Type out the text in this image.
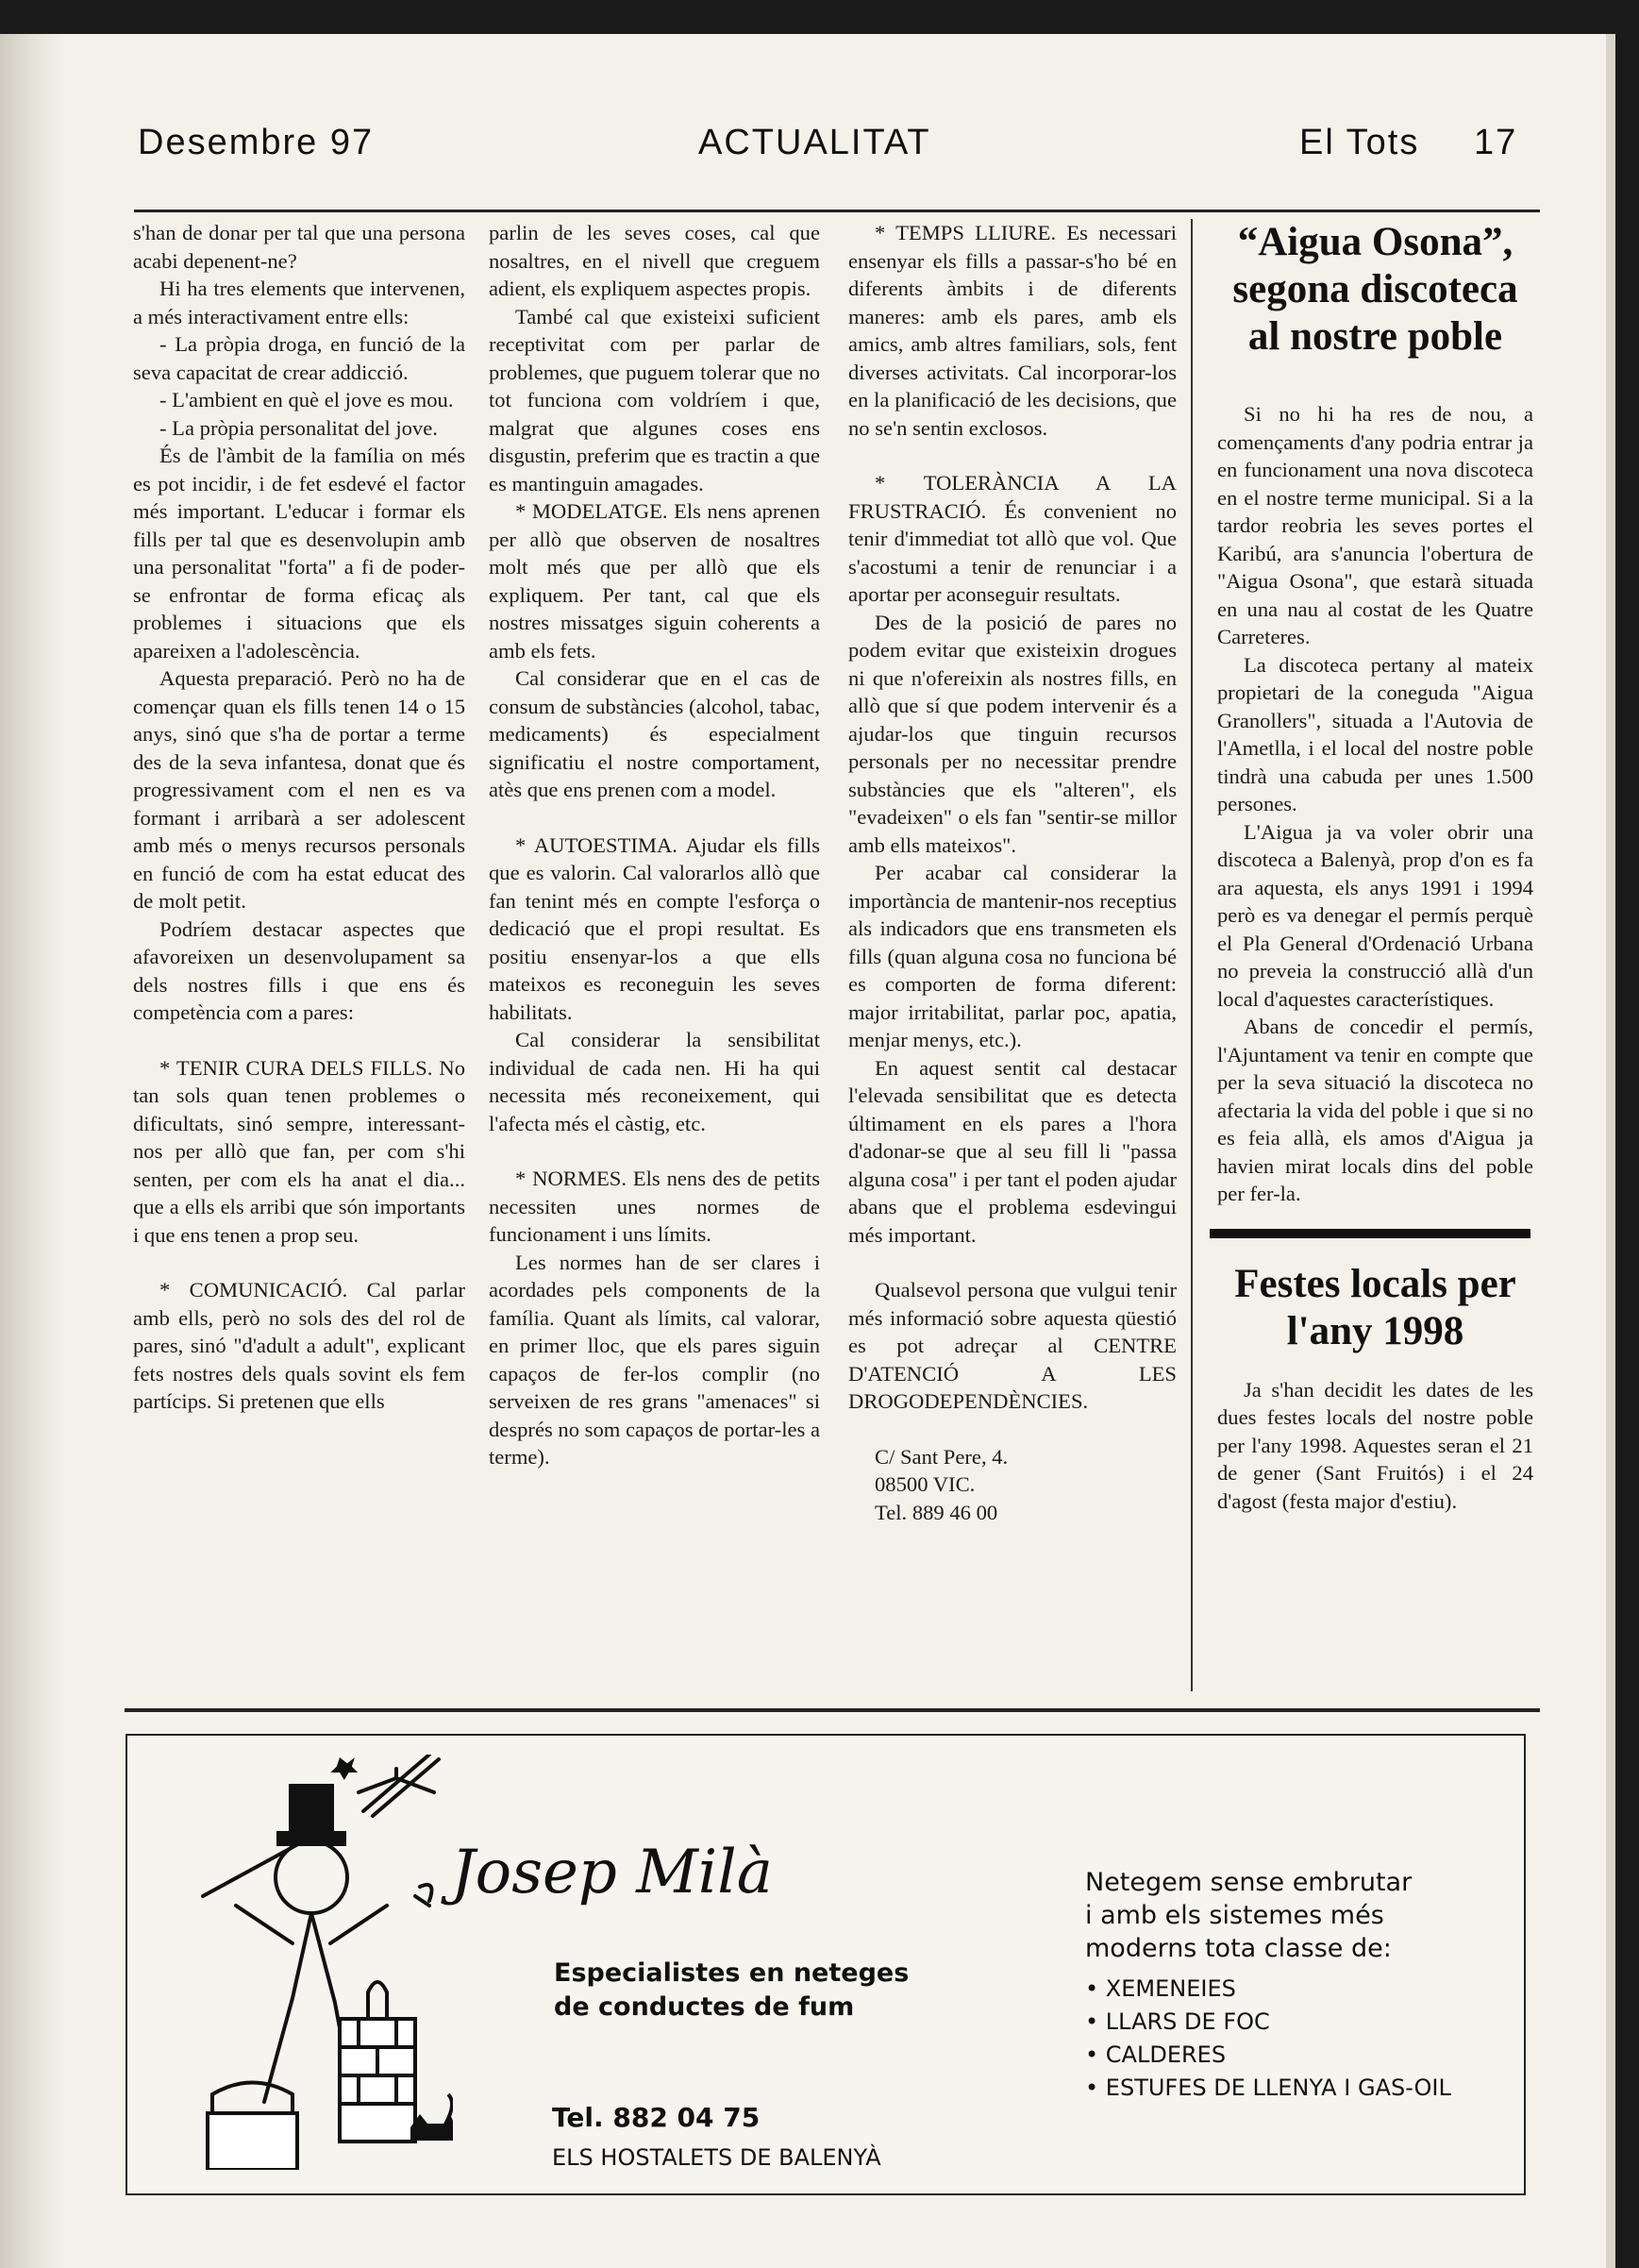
Desembre 97	ACTUALITAT	El Tots 17

s'han de donar per tal que una persona acabi depenent-ne?

Hi ha tres elements que intervenen, a més interactivament entre ells:

- La pròpia droga, en funció de la seva capacitat de crear addicció.

- L'ambient en què el jove es mou.

- La pròpia personalitat del jove.

És de l'àmbit de la família on més es pot incidir, i de fet esdevé el factor més important. L'educar i formar els fills per tal que es desenvolupin amb una personalitat "forta" a fi de poder-se enfrontar de forma eficaç als problemes i situacions que els apareixen a l'adolescència.

Aquesta preparació. Però no ha de començar quan els fills tenen 14 o 15 anys, sinó que s'ha de portar a terme des de la seva infantesa, donat que és progressivament com el nen es va formant i arribarà a ser adolescent amb més o menys recursos personals en funció de com ha estat educat des de molt petit.

Podríem destacar aspectes que afavoreixen un desenvolupament sa dels nostres fills i que ens és competència com a pares:

* TENIR CURA DELS FILLS. No tan sols quan tenen problemes o dificultats, sinó sempre, interessant-nos per allò que fan, per com s'hi senten, per com els ha anat el dia... que a ells els arribi que són importants i que ens tenen a prop seu.

* COMUNICACIÓ. Cal parlar amb ells, però no sols des del rol de pares, sinó "d'adult a adult", explicant fets nostres dels quals sovint els fem partícips. Si pretenen que ells

parlin de les seves coses, cal que nosaltres, en el nivell que creguem adient, els expliquem aspectes propis.

També cal que existeixi suficient receptivitat com per parlar de problemes, que puguem tolerar que no tot funciona com voldríem i que, malgrat que algunes coses ens disgustin, preferim que es tractin a que es mantinguin amagades.

* MODELATGE. Els nens aprenen per allò que observen de nosaltres molt més que per allò que els expliquem. Per tant, cal que els nostres missatges siguin coherents a amb els fets.

Cal considerar que en el cas de consum de substàncies (alcohol, tabac, medicaments) és especialment significatiu el nostre comportament, atès que ens prenen com a model.

* AUTOESTIMA. Ajudar els fills que es valorin. Cal valorarlos allò que fan tenint més en compte l'esforça o dedicació que el propi resultat. Es positiu ensenyar-los a que ells mateixos es reconeguin les seves habilitats.

Cal considerar la sensibilitat individual de cada nen. Hi ha qui necessita més reconeixement, qui l'afecta més el càstig, etc.

* NORMES. Els nens des de petits necessiten unes normes de funcionament i uns límits.

Les normes han de ser clares i acordades pels components de la família. Quant als límits, cal valorar, en primer lloc, que els pares siguin capaços de fer-los complir (no serveixen de res grans "amenaces" si després no som capaços de portar-les a terme).

* TEMPS LLIURE. Es necessari ensenyar els fills a passar-s'ho bé en diferents àmbits i de diferents maneres: amb els pares, amb els amics, amb altres familiars, sols, fent diverses activitats. Cal incorporar-los en la planificació de les decisions, que no se'n sentin exclosos.

* TOLERÀNCIA A LA FRUSTRACIÓ. És convenient no tenir d'immediat tot allò que vol. Que s'acostumi a tenir de renunciar i a aportar per aconseguir resultats.

Des de la posició de pares no podem evitar que existeixin drogues ni que n'ofereixin als nostres fills, en allò que sí que podem intervenir és a ajudar-los que tinguin recursos personals per no necessitar prendre substàncies que els "alteren", els "evadeixen" o els fan "sentir-se millor amb ells mateixos".

Per acabar cal considerar la importància de mantenir-nos receptius als indicadors que ens transmeten els fills (quan alguna cosa no funciona bé es comporten de forma diferent: major irritabilitat, parlar poc, apatia, menjar menys, etc.).

En aquest sentit cal destacar l'elevada sensibilitat que es detecta últimament en els pares a l'hora d'adonar-se que al seu fill li "passa alguna cosa" i per tant el poden ajudar abans que el problema esdevingui més important.

Qualsevol persona que vulgui tenir més informació sobre aquesta qüestió es pot adreçar al CENTRE D'ATENCIÓ A LES DROGODEPENDÈNCIES.

C/ Sant Pere, 4.

08500 VIC.

Tel. 889 46 00

“Aigua Osona”, segona discoteca al nostre poble

Si no hi ha res de nou, a començaments d'any podria entrar ja en funcionament una nova discoteca en el nostre terme municipal. Si a la tardor reobria les seves portes el Karibú, ara s'anuncia l'obertura de "Aigua Osona", que estarà situada en una nau al costat de les Quatre Carreteres.

La discoteca pertany al mateix propietari de la coneguda "Aigua Granollers", situada a l'Autovia de l'Ametlla, i el local del nostre poble tindrà una cabuda per unes 1.500 persones.

L'Aigua ja va voler obrir una discoteca a Balenyà, prop d'on es fa ara aquesta, els anys 1991 i 1994 però es va denegar el permís perquè el Pla General d'Ordenació Urbana no preveia la construcció allà d'un local d'aquestes característiques.

Abans de concedir el permís, l'Ajuntament va tenir en compte que per la seva situació la discoteca no afectaria la vida del poble i que si no es feia allà, els amos d'Aigua ja havien mirat locals dins del poble per fer-la.

Festes locals per l'any 1998

Ja s'han decidit les dates de les dues festes locals del nostre poble per l'any 1998. Aquestes seran el 21 de gener (Sant Fruitós) i el 24 d'agost (festa major d'estiu).

Josep Milà
Especialistes en neteges
de conductes de fum
Tel. 882 04 75
ELS HOSTALETS DE BALENYÀ
Netegem sense embrutar
i amb els sistemes més
moderns tota classe de:
• XEMENEIES
• LLARS DE FOC
• CALDERES
• ESTUFES DE LLENYA I GAS-OIL
